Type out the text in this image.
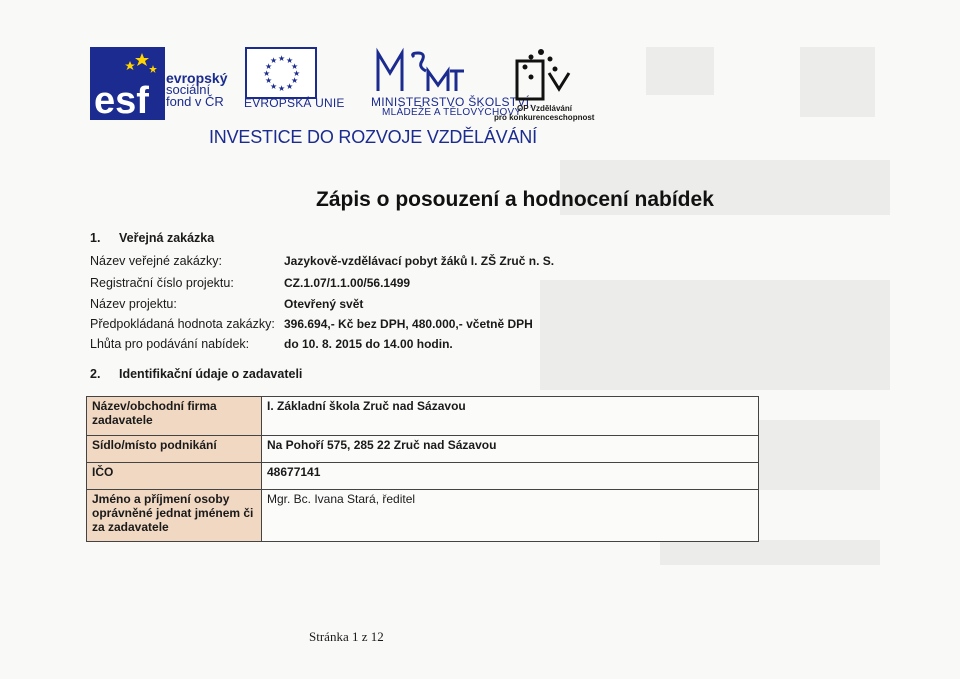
esf
evropský
sociální
fond v ČR
★ ★
★
★
★
★
★
★
★
★
★
★
EVROPSKÁ UNIE MINISTERSTVO ŠKOLSTVÍ,
MLÁDEŽE A TĚLOVÝCHOVY
OP Vzdělávání
pro konkurenceschopnost
INVESTICE DO ROZVOJE VZDĚLÁVÁNÍ
Zápis o posouzení a hodnocení nabídek
1. Veřejná zakázka
Název veřejné zakázky:	Jazykově-vzdělávací pobyt žáků I. ZŠ Zruč n. S.
Registrační číslo projektu:	CZ.1.07/1.1.00/56.1499
Název projektu:	Otevřený svět
Předpokládaná hodnota zakázky: 396.694,- Kč bez DPH, 480.000,- včetně DPH
Lhůta pro podávání nabídek:	do 10. 8. 2015 do 14.00 hodin.
2. Identifikační údaje o zadavateli
Název/obchodní firma zadavatele	I. Základní škola Zruč nad Sázavou
Sídlo/místo podnikání	Na Pohoří 575, 285 22 Zruč nad Sázavou
IČO	48677141
Jméno a příjmení osoby oprávněné jednat jménem či za zadavatele	Mgr. Bc. Ivana Stará, ředitel
Stránka 1 z 12
